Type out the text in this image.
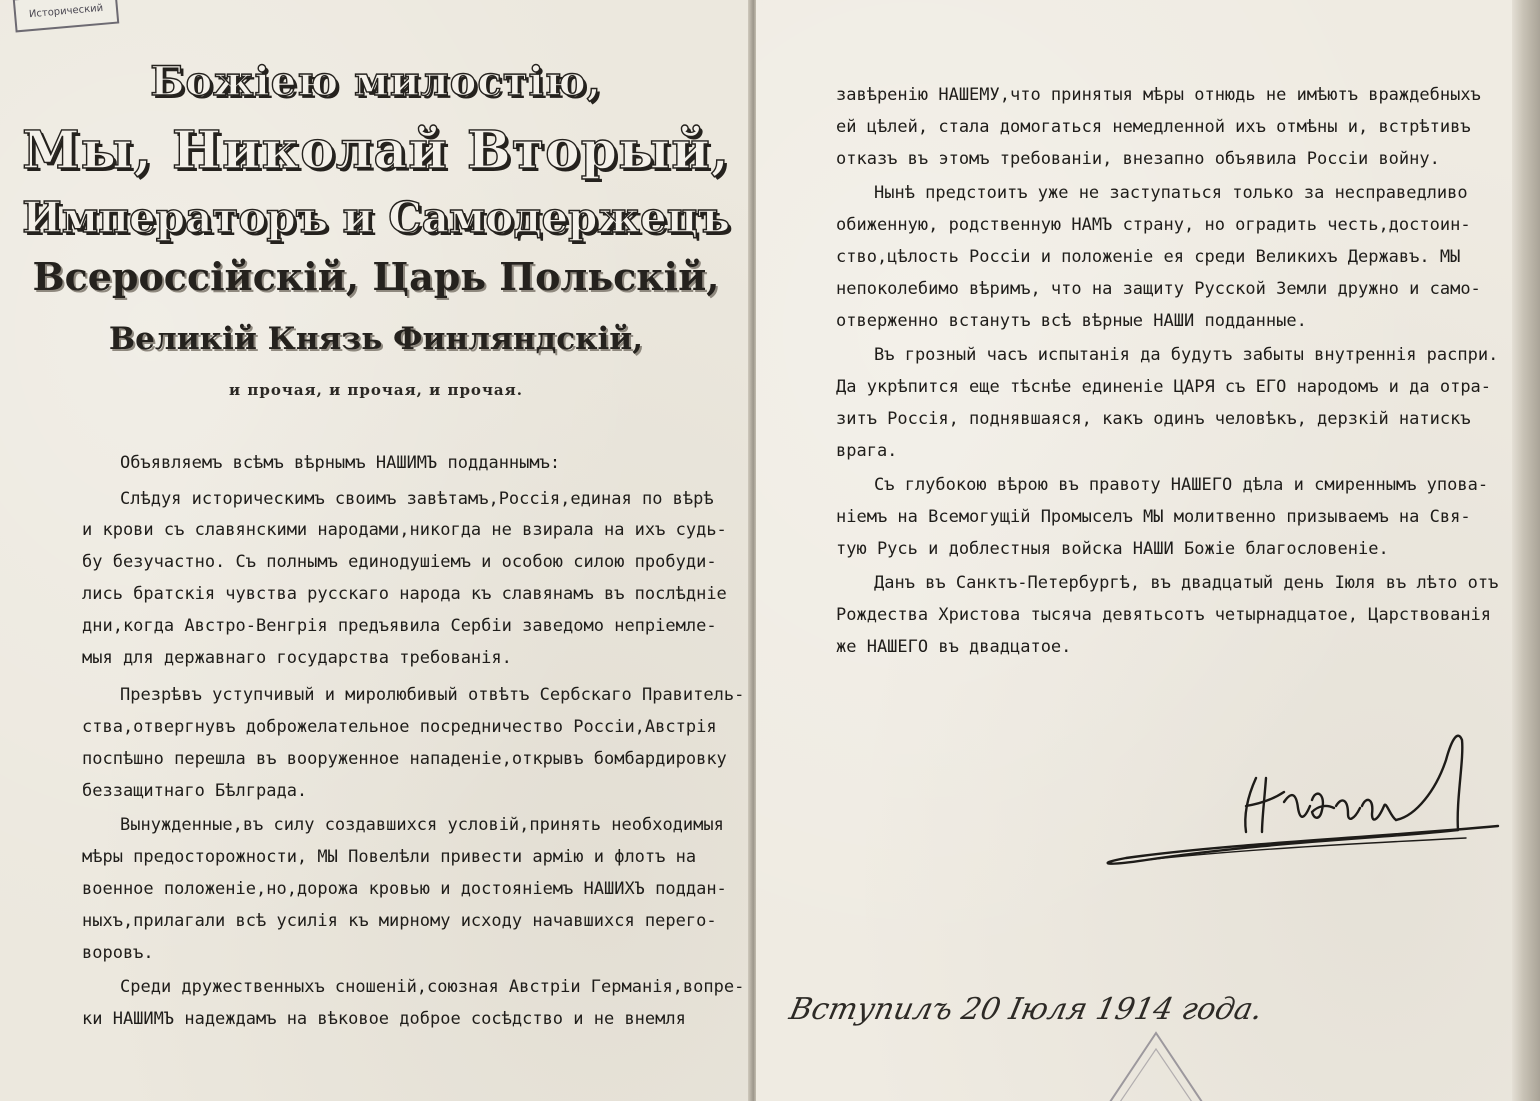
Исторический
Божiею милостiю,
Мы, Николай Вторый,
Императоръ и Самодержецъ
Всероссiйскiй, Царь Польскiй,
Великiй Князь Финляндскiй,
и прочая, и прочая, и прочая.
Объявляемъ всѣмъ вѣрнымъ НАШИМЪ подданнымъ:
Слѣдуя историческимъ своимъ завѣтамъ,Россiя,единая по вѣрѣ
и крови съ славянскими народами,никогда не взирала на ихъ судь-
бу безучастно. Съ полнымъ единодушiемъ и особою силою пробуди-
лись братскiя чувства русскаго народа къ славянамъ въ послѣднiе
дни,когда Австро-Венгрiя предъявила Сербiи заведомо непрiемле-
мыя для державнаго государства требованiя.
Презрѣвъ уступчивый и миролюбивый отвѣтъ Сербскаго Правитель-
ства,отвергнувъ доброжелательное посредничество Россiи,Австрiя
поспѣшно перешла въ вооруженное нападенiе,открывъ бомбардировку
беззащитнаго Бѣлграда.
Вынужденные,въ силу создавшихся условiй,принять необходимыя
мѣры предосторожности, МЫ Повелѣли привести армiю и флотъ на
военное положенiе,но,дорожа кровью и достоянiемъ НАШИХЪ поддан-
ныхъ,прилагали всѣ усилiя къ мирному исходу начавшихся перего-
воровъ.
Среди дружественныхъ сношенiй,союзная Австрiи Германiя,вопре-
ки НАШИМЪ надеждамъ на вѣковое доброе сосѣдство и не внемля
завѣренiю НАШЕМУ,что принятыя мѣры отнюдь не имѣютъ враждебныхъ
ей цѣлей, стала домогаться немедленной ихъ отмѣны и, встрѣтивъ
отказъ въ этомъ требованiи, внезапно объявила Россiи войну.
Нынѣ предстоитъ уже не заступаться только за несправедливо
обиженную, родственную НАМЪ страну, но оградить честь,достоин-
ство,цѣлость Россiи и положенiе ея среди Великихъ Державъ. МЫ
непоколебимо вѣримъ, что на защиту Русской Земли дружно и само-
отверженно встанутъ всѣ вѣрные НАШИ подданные.
Въ грозный часъ испытанiя да будутъ забыты внутреннiя распри.
Да укрѣпится еще тѣснѣе единенiе ЦАРЯ съ ЕГО народомъ и да отра-
зитъ Россiя, поднявшаяся, какъ одинъ человѣкъ, дерзкiй натискъ
врага.
Съ глубокою вѣрою въ правоту НАШЕГО дѣла и смиреннымъ упова-
нiемъ на Всемогущiй Промыселъ МЫ молитвенно призываемъ на Свя-
тую Русь и доблестныя войска НАШИ Божiе благословенiе.
Данъ въ Санктъ-Петербургѣ, въ двадцатый день Iюля въ лѣто отъ
Рождества Христова тысяча девятьсотъ четырнадцатое, Царствованiя
же НАШЕГО въ двадцатое.
Вступилъ 20 Iюля 1914 года.
